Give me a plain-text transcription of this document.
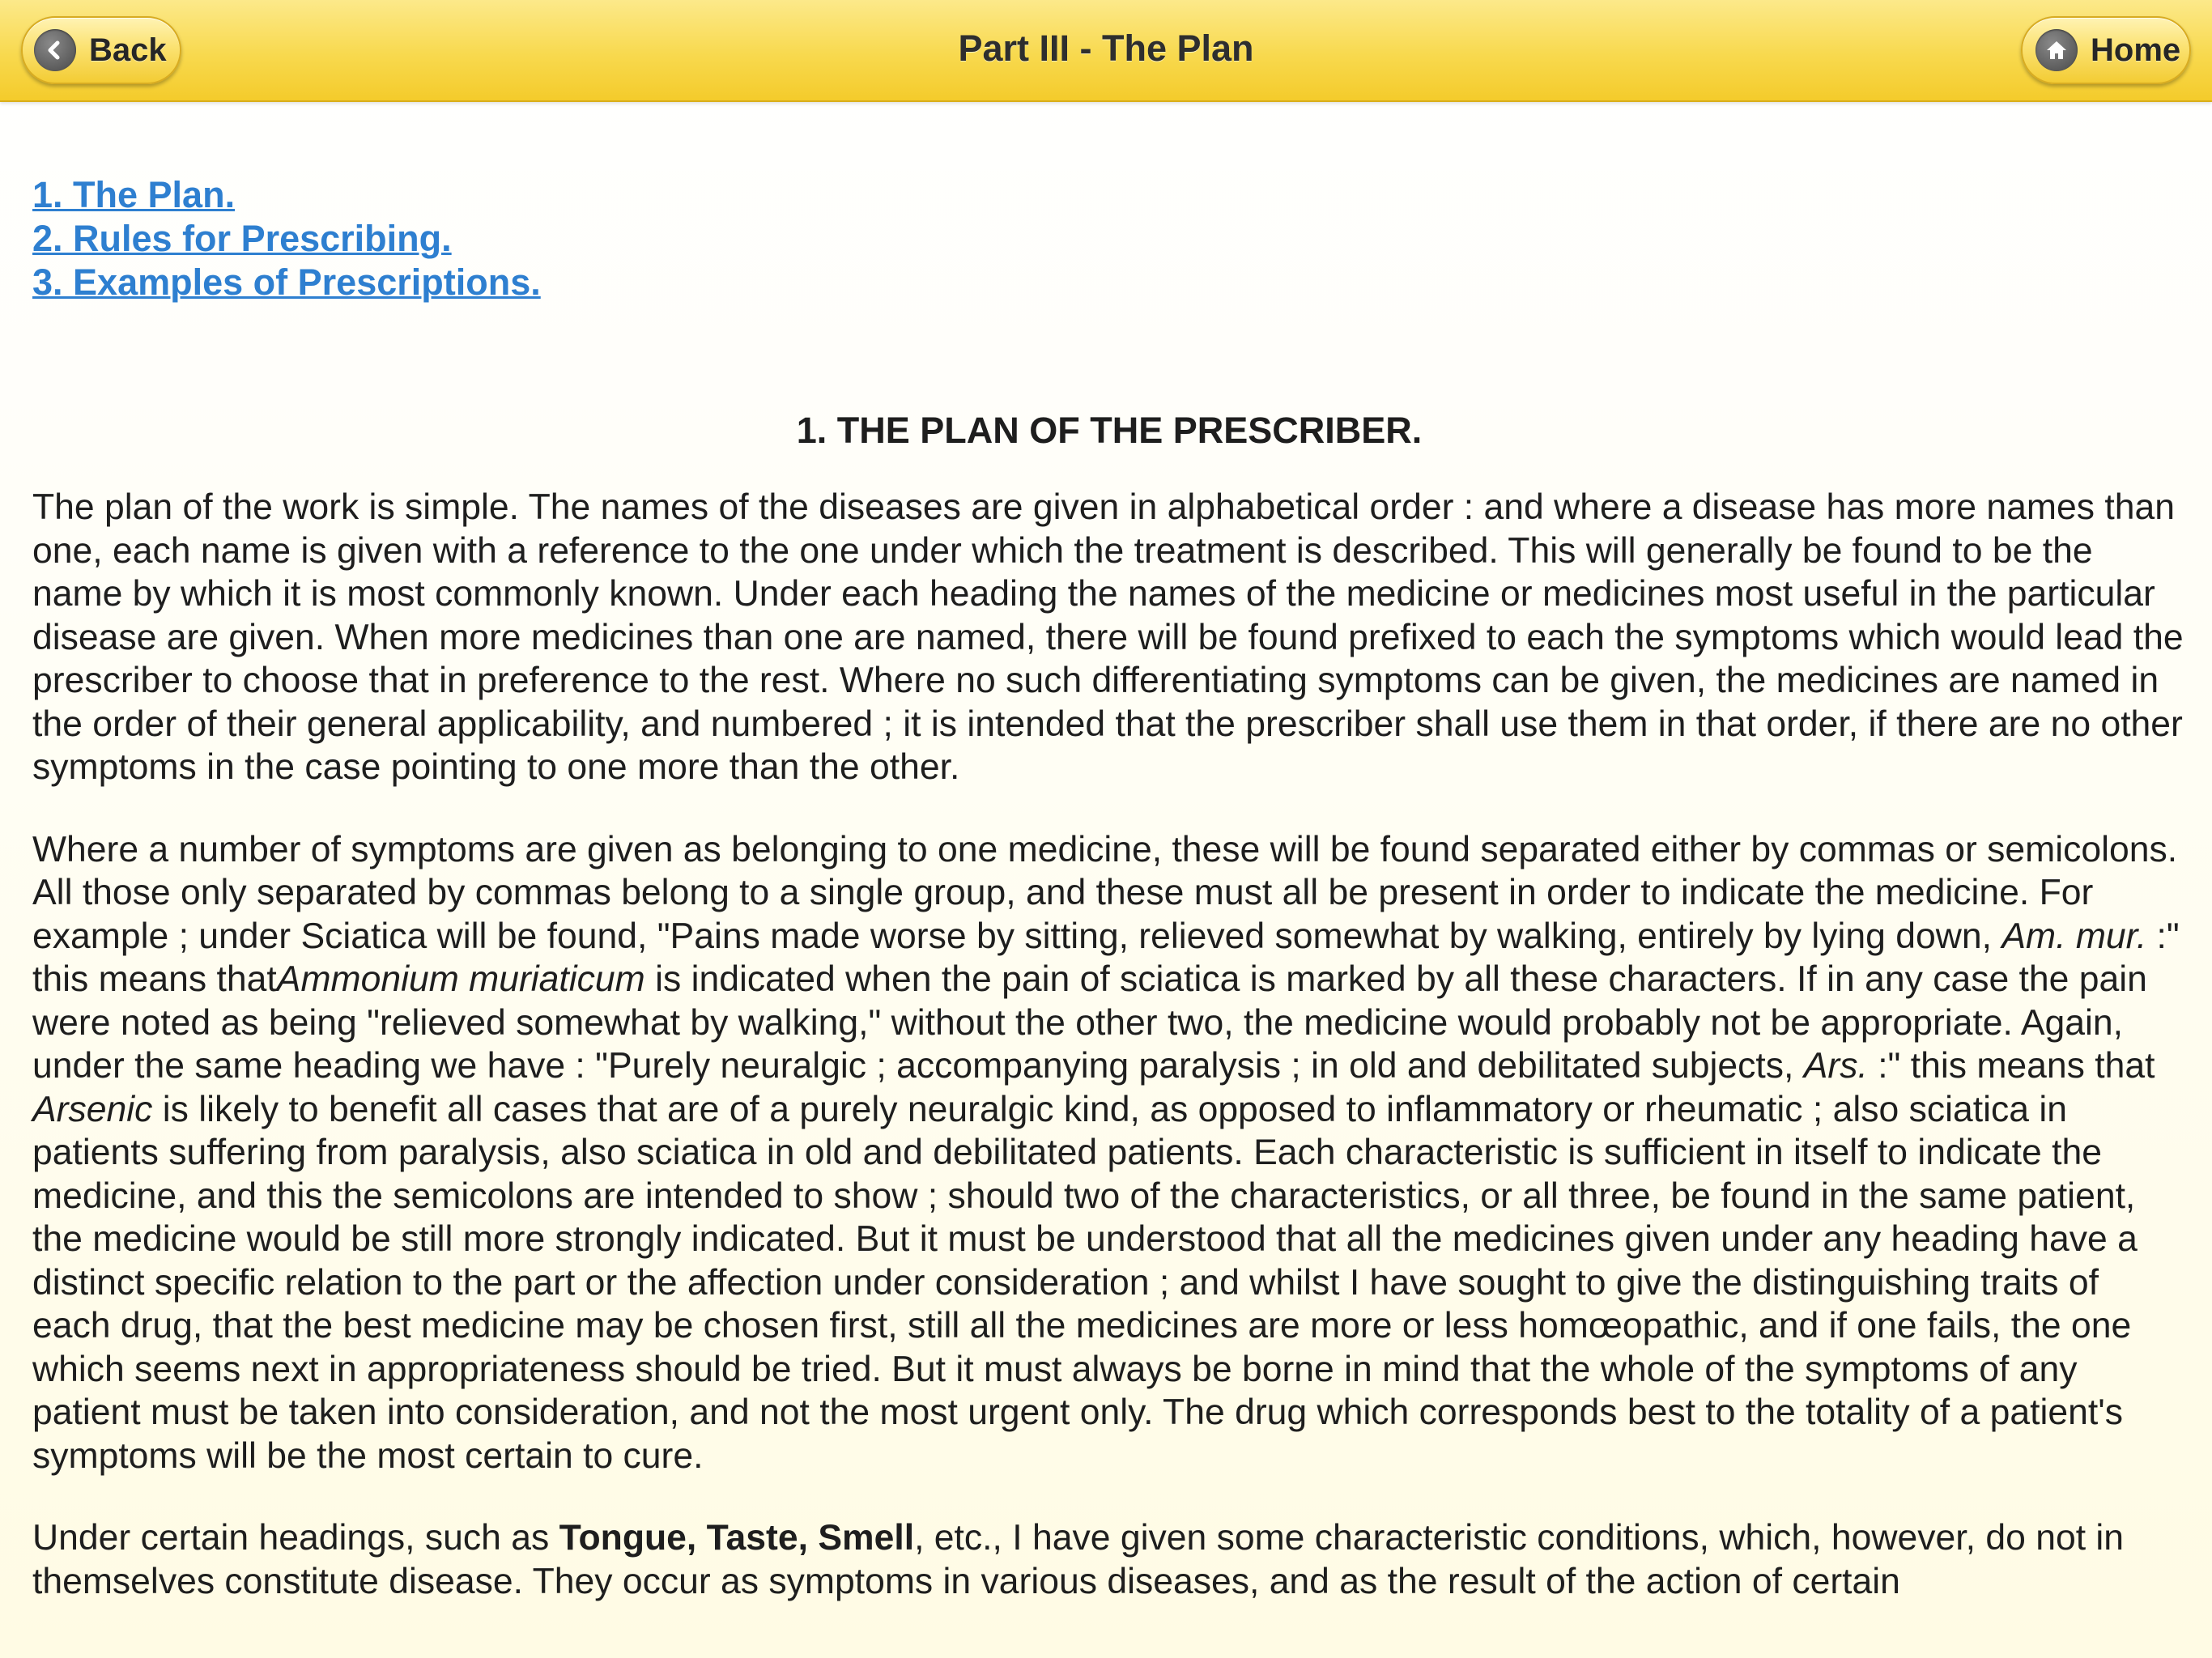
Back	Part III - The Plan	Home
1. The Plan.
2. Rules for Prescribing.
3. Examples of Prescriptions.
1. THE PLAN OF THE PRESCRIBER.

The plan of the work is simple. The names of the diseases are given in alphabetical order : and where a disease has more names than one, each name is given with a reference to the one under which the treatment is described. This will generally be found to be the name by which it is most commonly known. Under each heading the names of the medicine or medicines most useful in the particular disease are given. When more medicines than one are named, there will be found prefixed to each the symptoms which would lead the prescriber to choose that in preference to the rest. Where no such differentiating symptoms can be given, the medicines are named in the order of their general applicability, and numbered ; it is intended that the prescriber shall use them in that order, if there are no other symptoms in the case pointing to one more than the other.

Where a number of symptoms are given as belonging to one medicine, these will be found separated either by commas or semicolons. All those only separated by commas belong to a single group, and these must all be present in order to indicate the medicine. For example ; under Sciatica will be found, "Pains made worse by sitting, relieved somewhat by walking, entirely by lying down, Am. mur. :" this means thatAmmonium muriaticum is indicated when the pain of sciatica is marked by all these characters. If in any case the pain were noted as being "relieved somewhat by walking," without the other two, the medicine would probably not be appropriate. Again, under the same heading we have : "Purely neuralgic ; accompanying paralysis ; in old and debilitated subjects, Ars. :" this means that Arsenic is likely to benefit all cases that are of a purely neuralgic kind, as opposed to inflammatory or rheumatic ; also sciatica in patients suffering from paralysis, also sciatica in old and debilitated patients. Each characteristic is sufficient in itself to indicate the medicine, and this the semicolons are intended to show ; should two of the characteristics, or all three, be found in the same patient, the medicine would be still more strongly indicated. But it must be understood that all the medicines given under any heading have a distinct specific relation to the part or the affection under consideration ; and whilst I have sought to give the distinguishing traits of each drug, that the best medicine may be chosen first, still all the medicines are more or less homœopathic, and if one fails, the one which seems next in appropriateness should be tried. But it must always be borne in mind that the whole of the symptoms of any patient must be taken into consideration, and not the most urgent only. The drug which corresponds best to the totality of a patient's symptoms will be the most certain to cure.

Under certain headings, such as Tongue, Taste, Smell, etc., I have given some characteristic conditions, which, however, do not in themselves constitute disease. They occur as symptoms in various diseases, and as the result of the action of certain
